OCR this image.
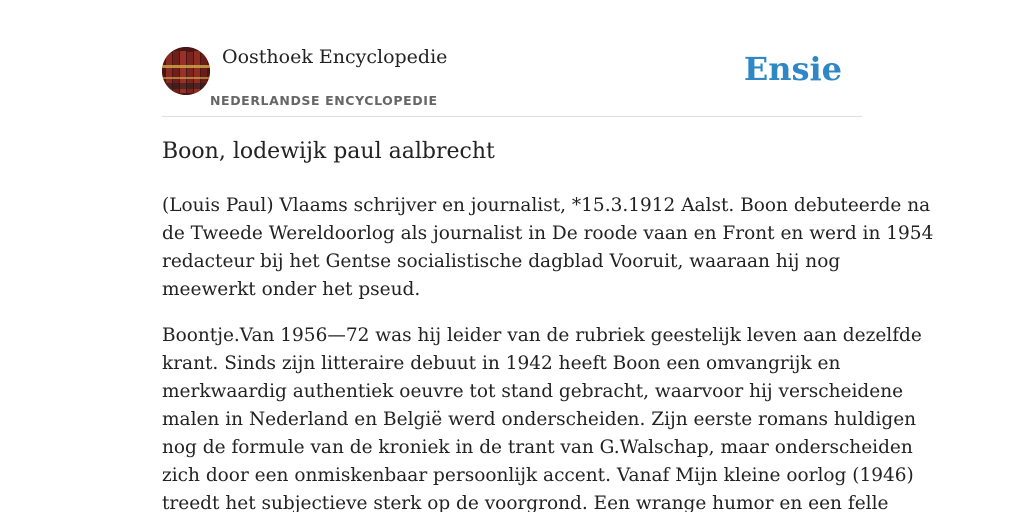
Oosthoek Encyclopedie
NEDERLANDSE ENCYCLOPEDIE
Ensie
Boon, lodewijk paul aalbrecht

(Louis Paul) Vlaams schrijver en journalist, *15.3.1912 Aalst. Boon debuteerde na
de Tweede Wereldoorlog als journalist in De roode vaan en Front en werd in 1954
redacteur bij het Gentse socialistische dagblad Vooruit, waaraan hij nog
meewerkt onder het pseud.

Boontje.Van 1956—72 was hij leider van de rubriek geestelijk leven aan dezelfde
krant. Sinds zijn litteraire debuut in 1942 heeft Boon een omvangrijk en
merkwaardig authentiek oeuvre tot stand gebracht, waarvoor hij verscheidene
malen in Nederland en België werd onderscheiden. Zijn eerste romans huldigen
nog de formule van de kroniek in de trant van G.Walschap, maar onderscheiden
zich door een onmiskenbaar persoonlijk accent. Vanaf Mijn kleine oorlog (1946)
treedt het subjectieve sterk op de voorgrond. Een wrange humor en een felle
